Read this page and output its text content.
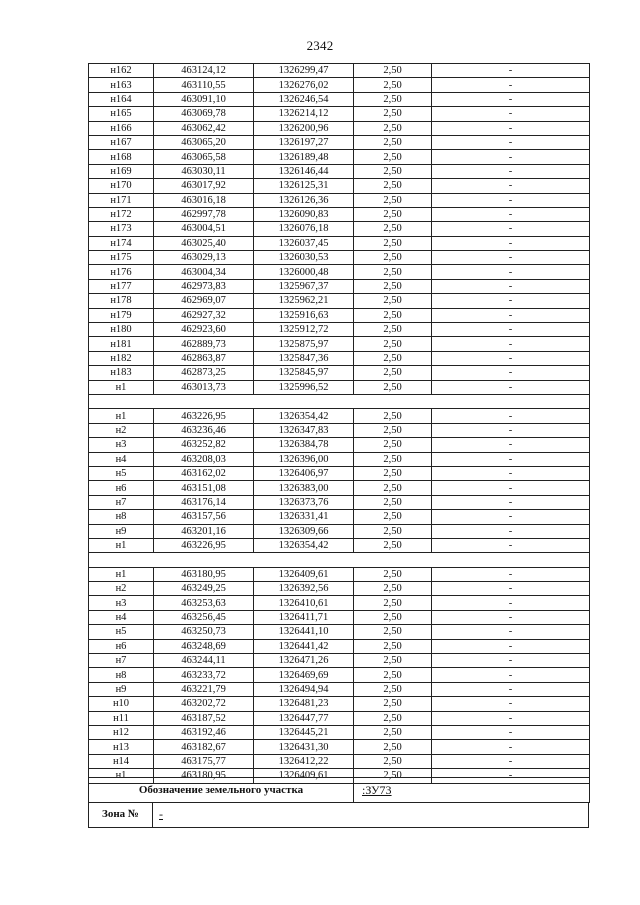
2342
н162	463124,12	1326299,47	2,50	-
н163	463110,55	1326276,02	2,50	-
н164	463091,10	1326246,54	2,50	-
н165	463069,78	1326214,12	2,50	-
н166	463062,42	1326200,96	2,50	-
н167	463065,20	1326197,27	2,50	-
н168	463065,58	1326189,48	2,50	-
н169	463030,11	1326146,44	2,50	-
н170	463017,92	1326125,31	2,50	-
н171	463016,18	1326126,36	2,50	-
н172	462997,78	1326090,83	2,50	-
н173	463004,51	1326076,18	2,50	-
н174	463025,40	1326037,45	2,50	-
н175	463029,13	1326030,53	2,50	-
н176	463004,34	1326000,48	2,50	-
н177	462973,83	1325967,37	2,50	-
н178	462969,07	1325962,21	2,50	-
н179	462927,32	1325916,63	2,50	-
н180	462923,60	1325912,72	2,50	-
н181	462889,73	1325875,97	2,50	-
н182	462863,87	1325847,36	2,50	-
н183	462873,25	1325845,97	2,50	-
н1	463013,73	1325996,52	2,50	-

н1	463226,95	1326354,42	2,50	-
н2	463236,46	1326347,83	2,50	-
н3	463252,82	1326384,78	2,50	-
н4	463208,03	1326396,00	2,50	-
н5	463162,02	1326406,97	2,50	-
н6	463151,08	1326383,00	2,50	-
н7	463176,14	1326373,76	2,50	-
н8	463157,56	1326331,41	2,50	-
н9	463201,16	1326309,66	2,50	-
н1	463226,95	1326354,42	2,50	-

н1	463180,95	1326409,61	2,50	-
н2	463249,25	1326392,56	2,50	-
н3	463253,63	1326410,61	2,50	-
н4	463256,45	1326411,71	2,50	-
н5	463250,73	1326441,10	2,50	-
н6	463248,69	1326441,42	2,50	-
н7	463244,11	1326471,26	2,50	-
н8	463233,72	1326469,69	2,50	-
н9	463221,79	1326494,94	2,50	-
н10	463202,72	1326481,23	2,50	-
н11	463187,52	1326447,77	2,50	-
н12	463192,46	1326445,21	2,50	-
н13	463182,67	1326431,30	2,50	-
н14	463175,77	1326412,22	2,50	-
н1	463180,95	1326409,61	2,50	-
Обозначение земельного участка	:ЗУ73
Зона №	-
